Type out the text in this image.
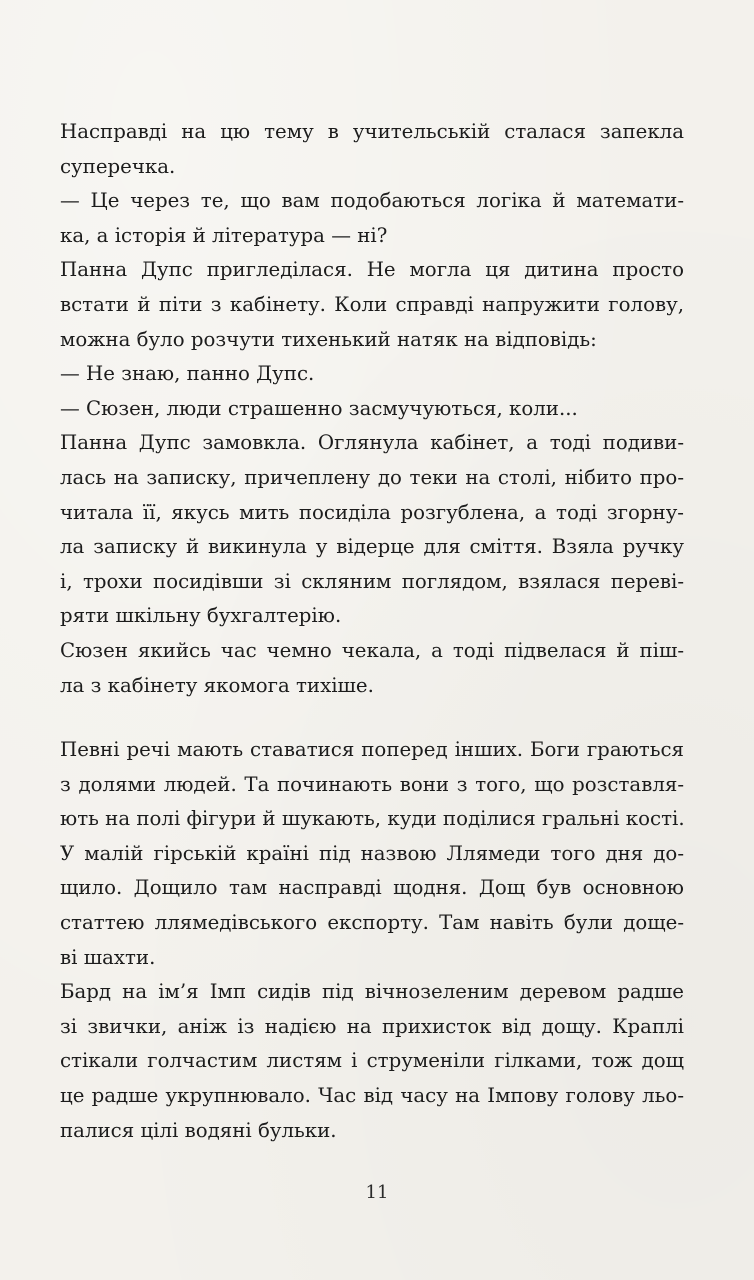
Насправді на цю тему в учительській сталася запекла
суперечка.
— Це через те, що вам подобаються логіка й математи-
ка, а історія й література — ні?
Панна Дупс пригледілася. Не могла ця дитина просто
встати й піти з кабінету. Коли справді напружити голову,
можна було розчути тихенький натяк на відповідь:
— Не знаю, панно Дупс.
— Сюзен, люди страшенно засмучуються, коли...
Панна Дупс замовкла. Оглянула кабінет, а тоді подиви-
лась на записку, причеплену до теки на столі, нібито про-
читала її, якусь мить посиділа розгублена, а тоді згорну-
ла записку й викинула у відерце для сміття. Взяла ручку
і, трохи посидівши зі скляним поглядом, взялася переві-
ряти шкільну бухгалтерію.
Сюзен якийсь час чемно чекала, а тоді підвелася й піш-
ла з кабінету якомога тихіше.
Певні речі мають ставатися поперед інших. Боги граються
з долями людей. Та починають вони з того, що розставля-
ють на полі фігури й шукають, куди поділися гральні кості.
У малій гірській країні під назвою Ллямеди того дня до-
щило. Дощило там насправді щодня. Дощ був основною
статтею ллямедівського експорту. Там навіть були доще-
ві шахти.
Бард на ім’я Імп сидів під вічнозеленим деревом радше
зі звички, аніж із надією на прихисток від дощу. Краплі
стікали голчастим листям і струменіли гілками, тож дощ
це радше укрупнювало. Час від часу на Імпову голову льо-
палися цілі водяні бульки.
11
